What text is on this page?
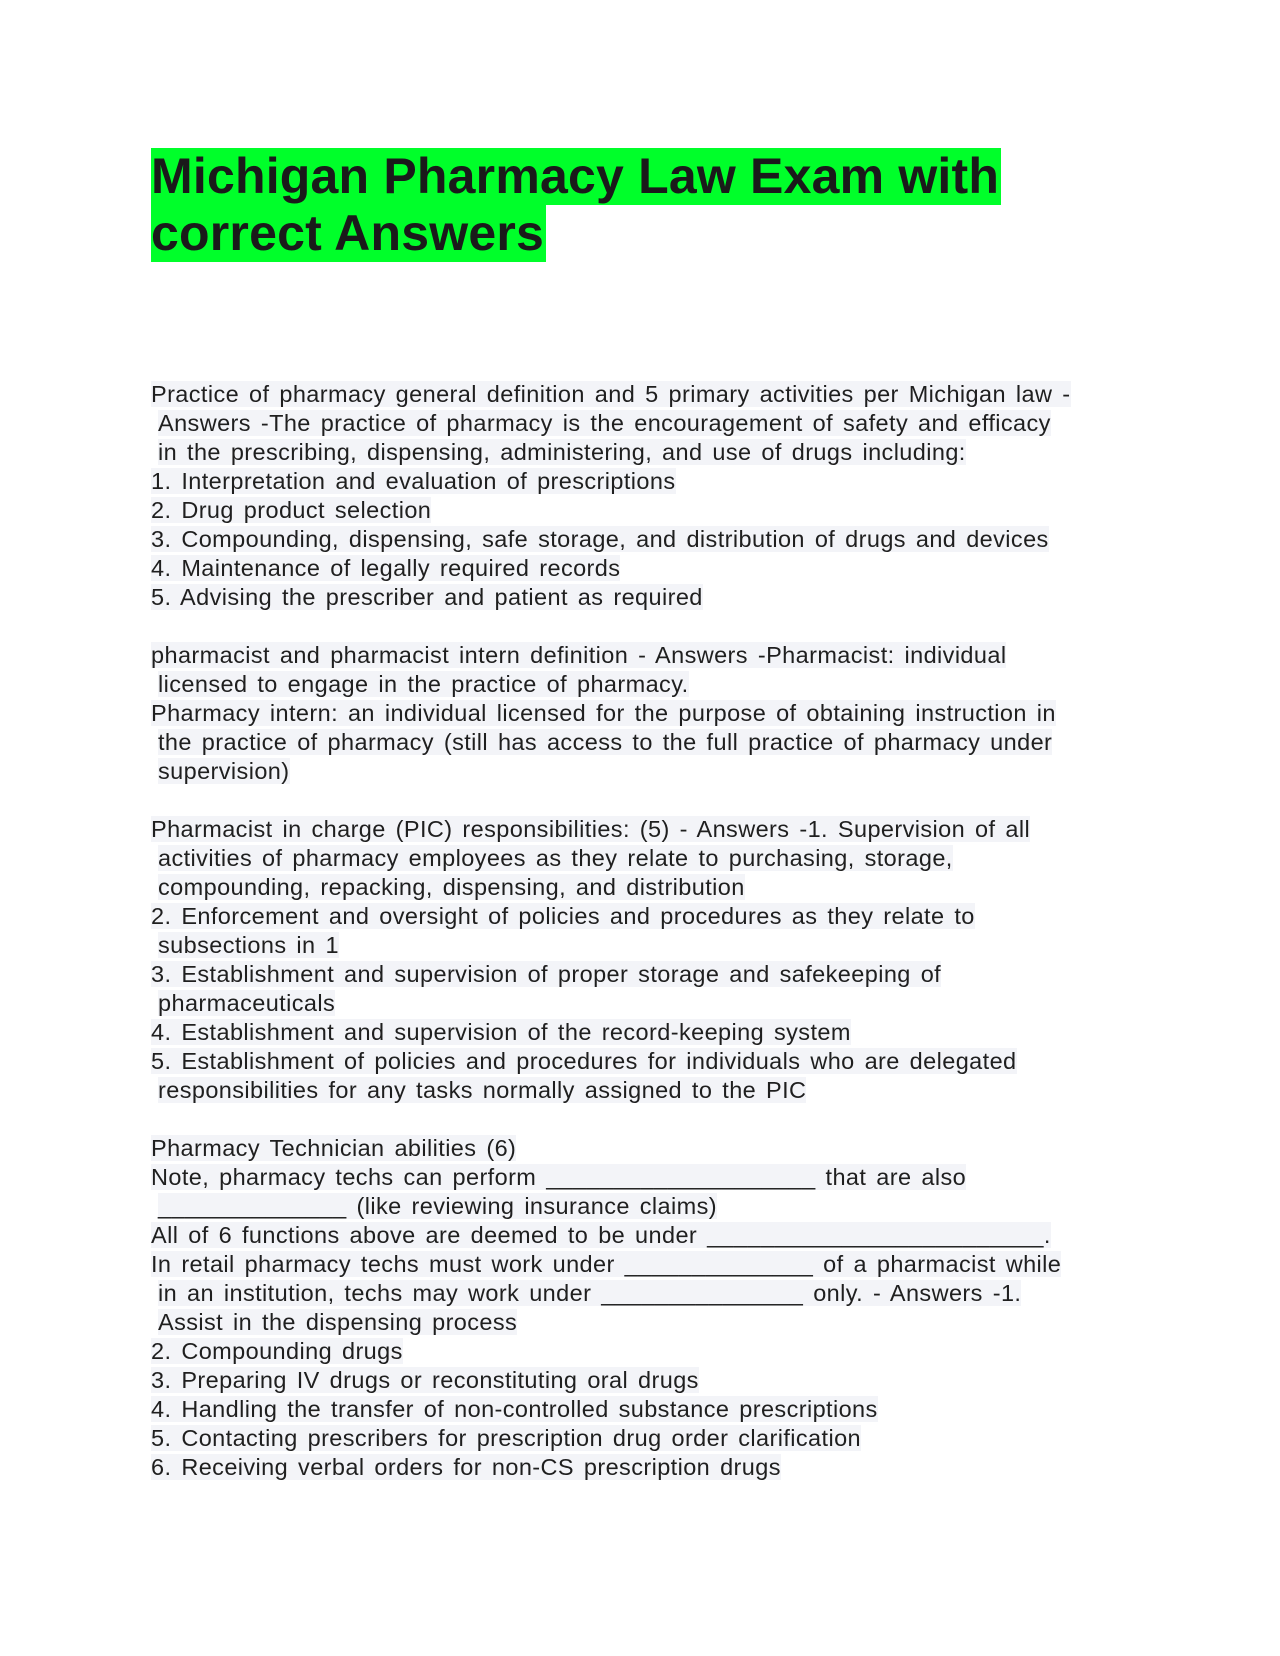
Michigan Pharmacy Law Exam with
correct Answers
Practice of pharmacy general definition and 5 primary activities per Michigan law -
Answers -The practice of pharmacy is the encouragement of safety and efficacy
in the prescribing, dispensing, administering, and use of drugs including:
1. Interpretation and evaluation of prescriptions
2. Drug product selection
3. Compounding, dispensing, safe storage, and distribution of drugs and devices
4. Maintenance of legally required records
5. Advising the prescriber and patient as required
pharmacist and pharmacist intern definition - Answers -Pharmacist: individual
licensed to engage in the practice of pharmacy.
Pharmacy intern: an individual licensed for the purpose of obtaining instruction in
the practice of pharmacy (still has access to the full practice of pharmacy under
supervision)
Pharmacist in charge (PIC) responsibilities: (5) - Answers -1. Supervision of all
activities of pharmacy employees as they relate to purchasing, storage,
compounding, repacking, dispensing, and distribution
2. Enforcement and oversight of policies and procedures as they relate to
subsections in 1
3. Establishment and supervision of proper storage and safekeeping of
pharmaceuticals
4. Establishment and supervision of the record-keeping system
5. Establishment of policies and procedures for individuals who are delegated
responsibilities for any tasks normally assigned to the PIC
Pharmacy Technician abilities (6)
Note, pharmacy techs can perform ____________________ that are also
______________ (like reviewing insurance claims)
All of 6 functions above are deemed to be under _________________________.
In retail pharmacy techs must work under ______________ of a pharmacist while
in an institution, techs may work under _______________ only. - Answers -1.
Assist in the dispensing process
2. Compounding drugs
3. Preparing IV drugs or reconstituting oral drugs
4. Handling the transfer of non-controlled substance prescriptions
5. Contacting prescribers for prescription drug order clarification
6. Receiving verbal orders for non-CS prescription drugs
